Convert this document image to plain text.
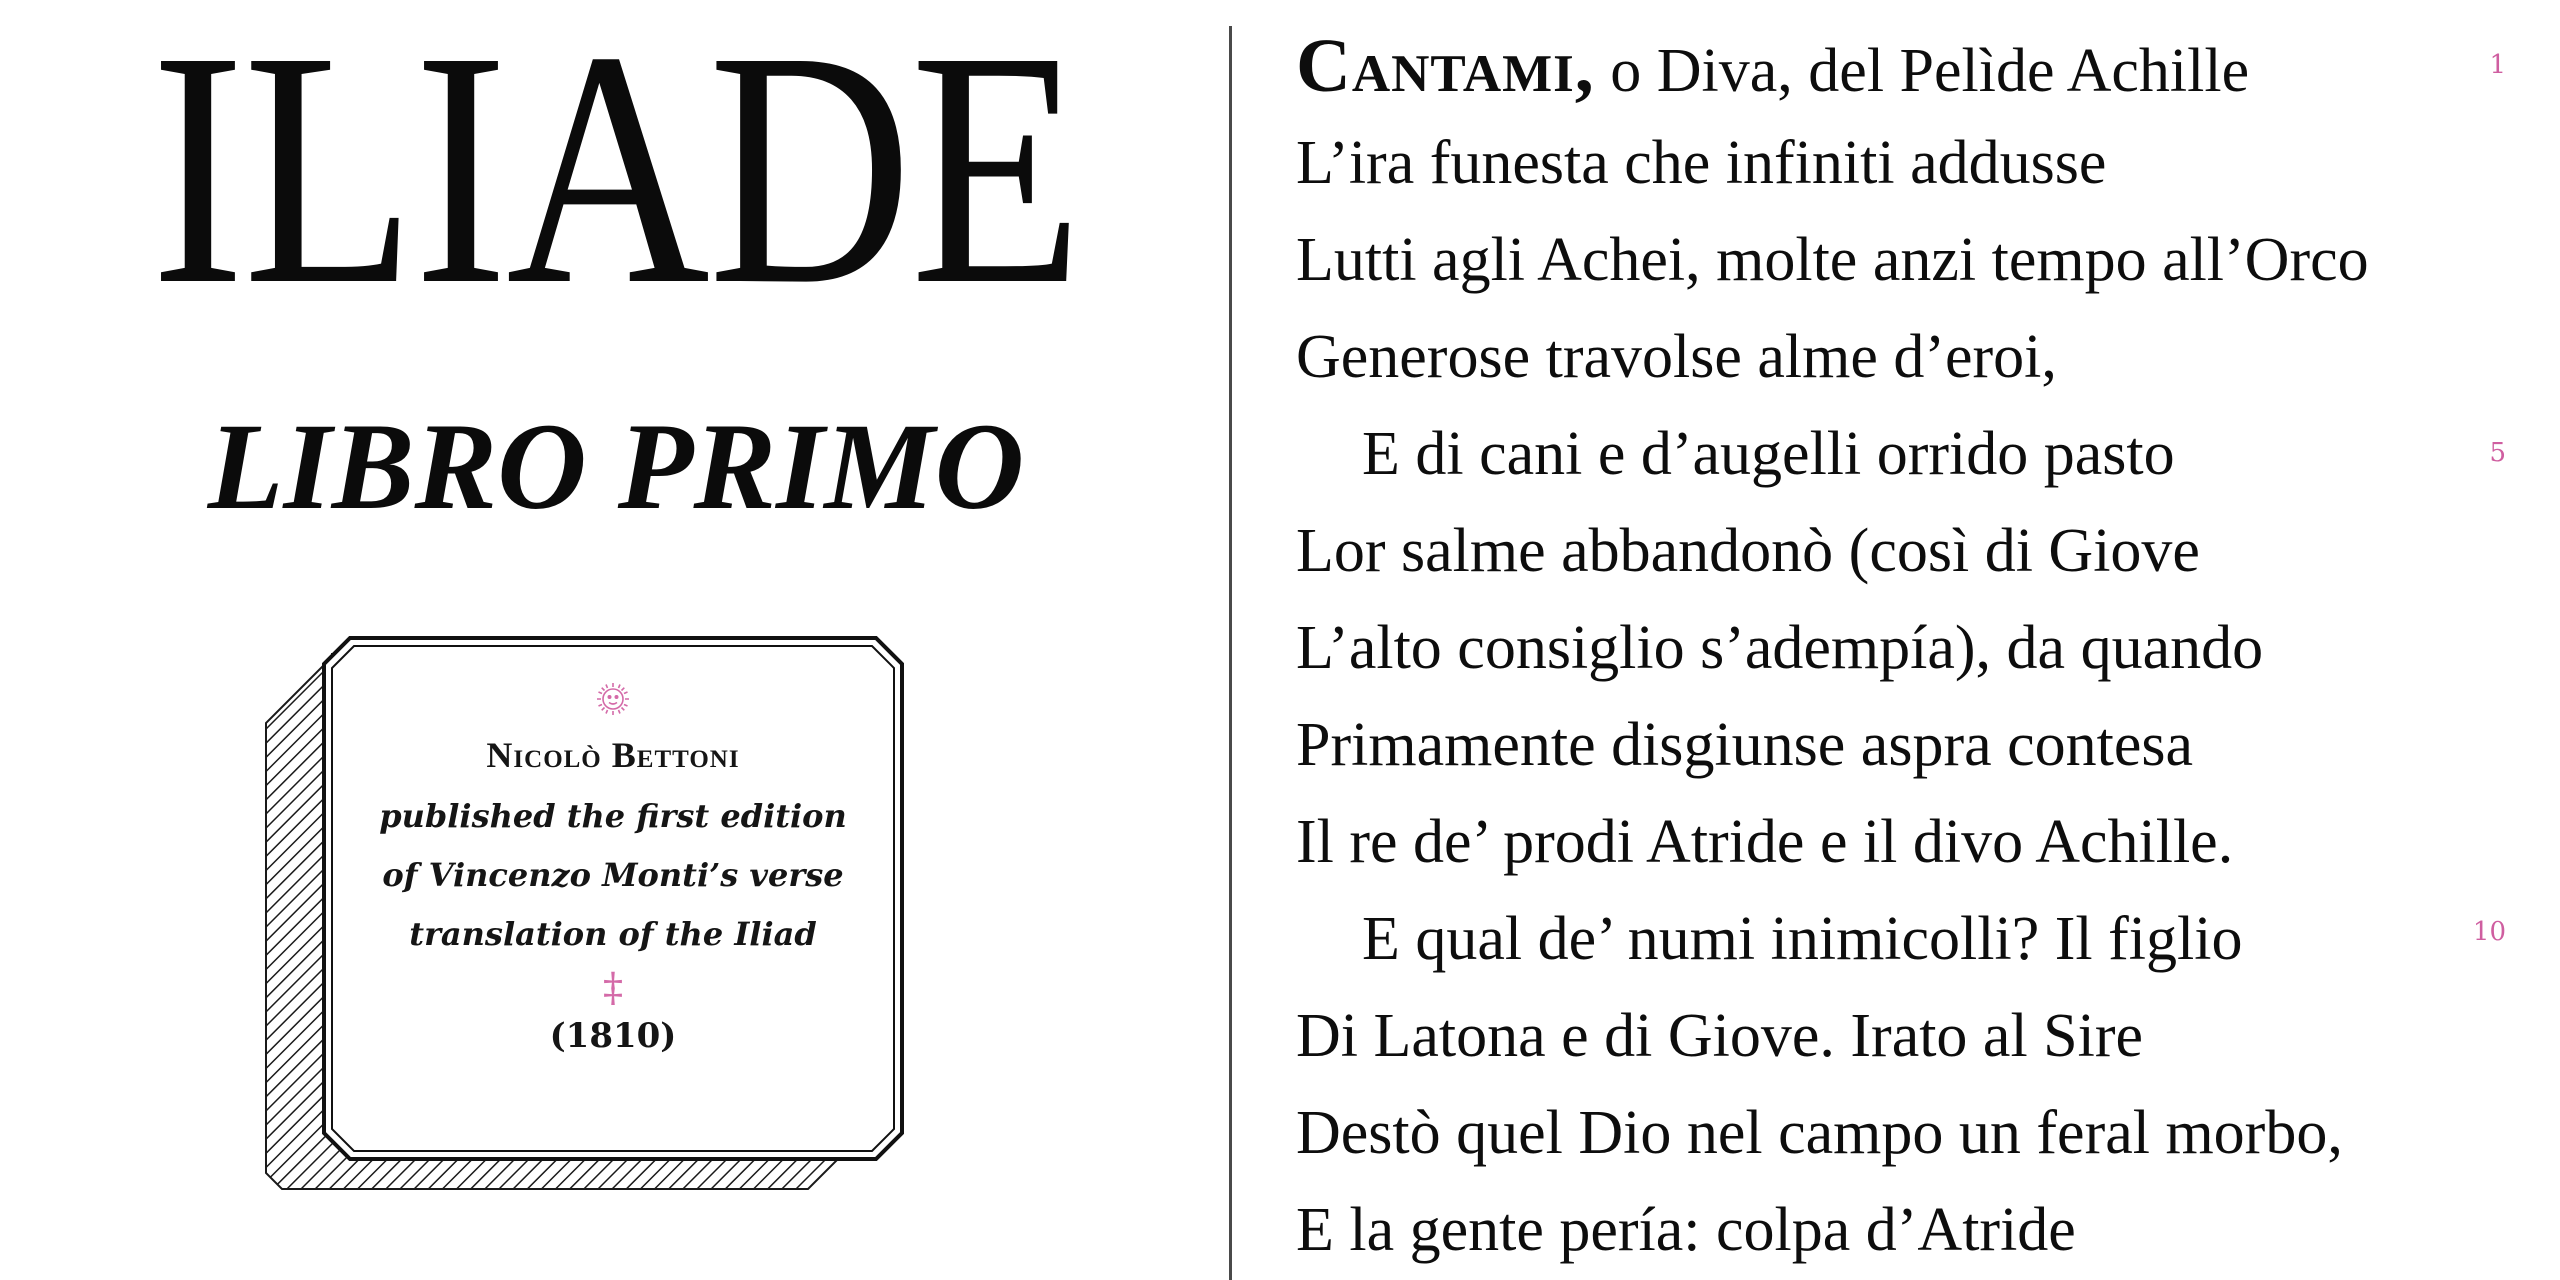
ILIADE
LIBRO PRIMO
Nicolò Bettoni
published the first edition
of Vincenzo Monti’s verse
translation of the Iliad
‡
(1810)
Cantami, o Diva, del Pelìde Achille
L’ira funesta che infiniti addusse
Lutti agli Achei, molte anzi tempo all’Orco
Generose travolse alme d’eroi,
E di cani e d’augelli orrido pasto
Lor salme abbandonò (così di Giove
L’alto consiglio s’adempía), da quando
Primamente disgiunse aspra contesa
Il re de’ prodi Atride e il divo Achille.
E qual de’ numi inimicolli? Il figlio
Di Latona e di Giove. Irato al Sire
Destò quel Dio nel campo un feral morbo,
E la gente pería: colpa d’Atride
1
5
10
